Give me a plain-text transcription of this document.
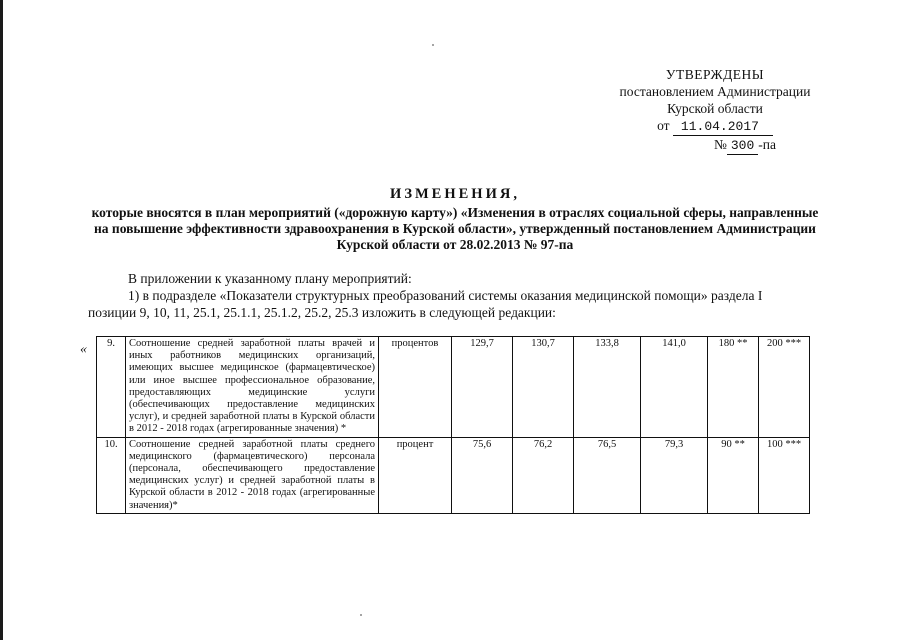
УТВЕРЖДЕНЫ
постановлением Администрации
Курской области
от 11.04.2017
№ 300 -па
ИЗМЕНЕНИЯ,
которые вносятся в план мероприятий («дорожную карту») «Изменения в отраслях социальной сферы, направленные на повышение эффективности здравоохранения в Курской области», утвержденный постановлением Администрации Курской области от 28.02.2013 № 97-па
В приложении к указанному плану мероприятий:
1) в подразделе «Показатели структурных преобразований системы оказания медицинской помощи» раздела I
позиции 9, 10, 11, 25.1, 25.1.1, 25.1.2, 25.2, 25.3 изложить в следующей редакции:
« 9.	Соотношение средней заработной платы врачей и иных работников медицинских организаций, имеющих высшее медицинское (фармацевтическое) или иное высшее профессиональное образование, предоставляющих медицинские услуги (обеспечивающих предоставление медицинских услуг), и средней заработной платы в Курской области в 2012 - 2018 годах (агрегированные значения) *	процентов	129,7	130,7	133,8	141,0	180 **	200 ***
10.	Соотношение средней заработной платы среднего медицинского (фармацевтического) персонала (персонала, обеспечивающего предоставление медицинских услуг) и средней заработной платы в Курской области в 2012 - 2018 годах (агрегированные значения)*	процент	75,6	76,2	76,5	79,3	90 **	100 ***
